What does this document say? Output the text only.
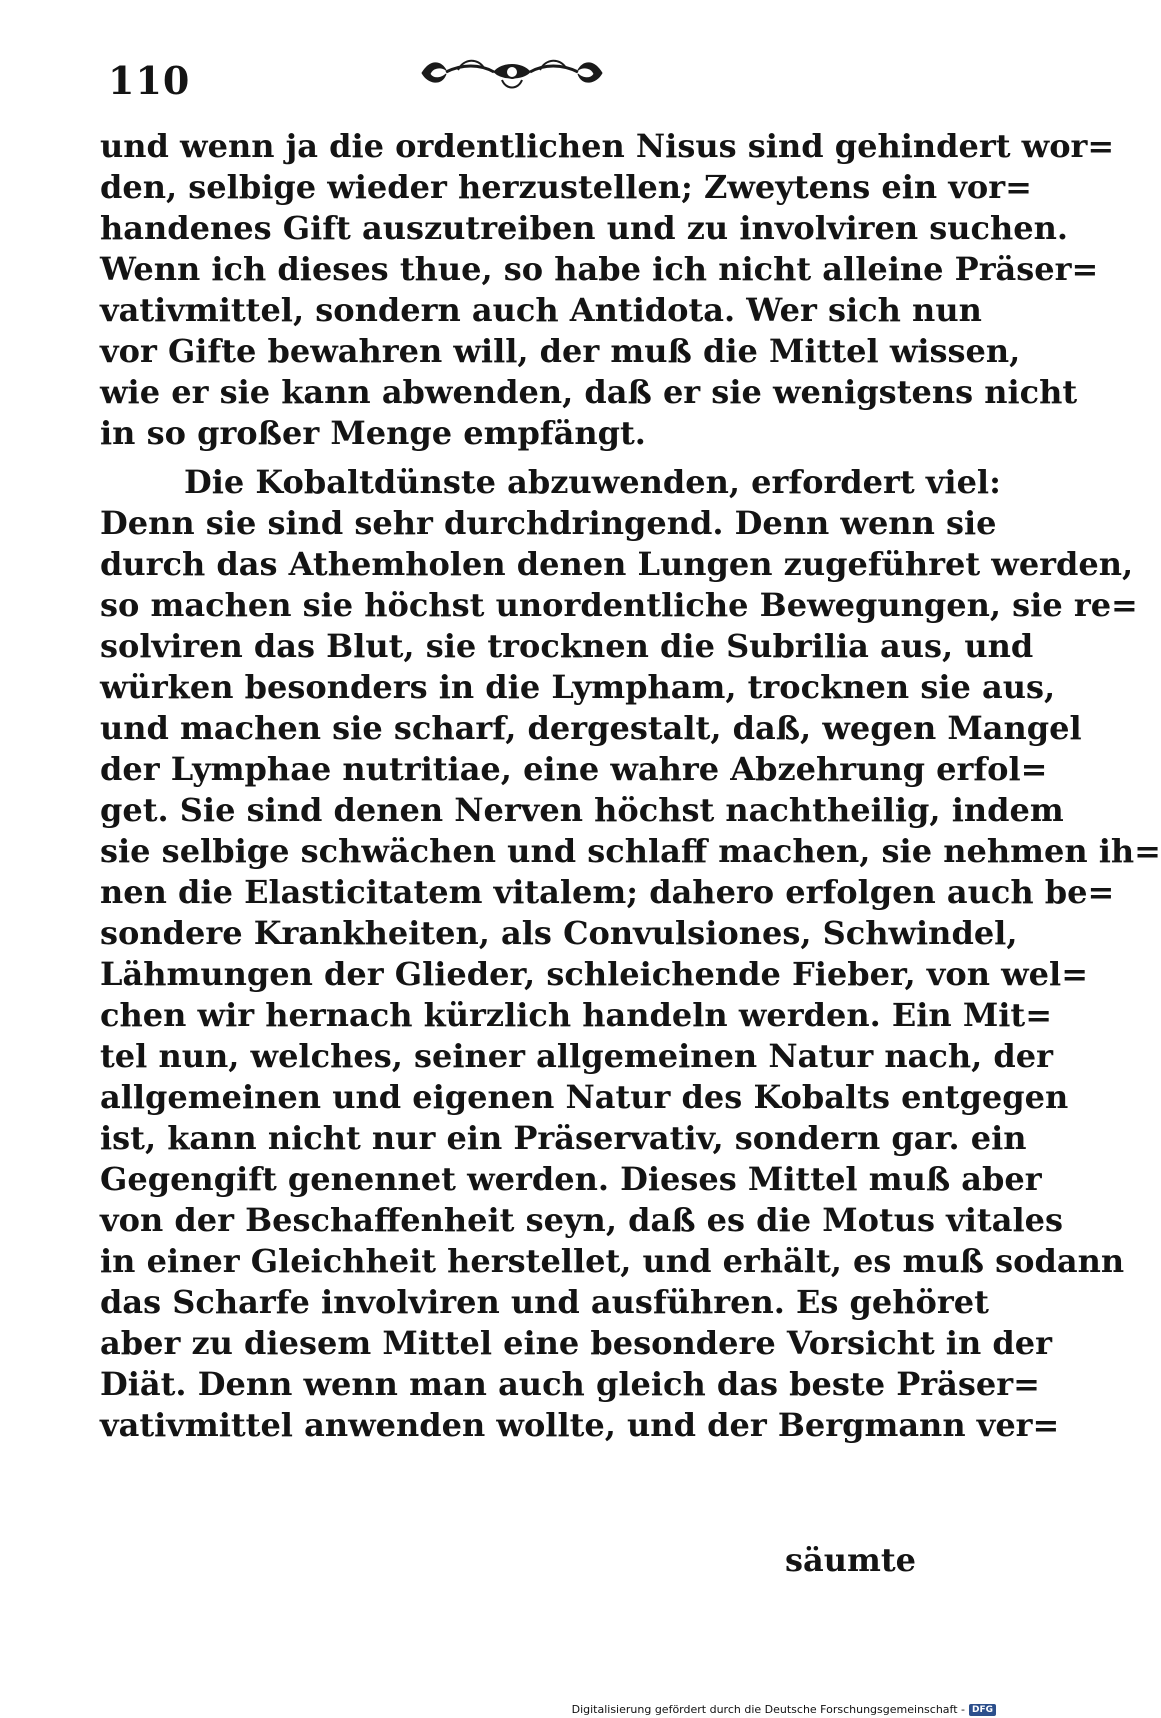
110
und wenn ja die ordentlichen Nisus sind gehindert wor=
den, selbige wieder herzustellen; Zweytens ein vor=
handenes Gift auszutreiben und zu involviren suchen.
Wenn ich dieses thue, so habe ich nicht alleine Präser=
vativmittel, sondern auch Antidota. Wer sich nun
vor Gifte bewahren will, der muß die Mittel wissen,
wie er sie kann abwenden, daß er sie wenigstens nicht
in so großer Menge empfängt.
Die Kobaltdünste abzuwenden, erfordert viel:
Denn sie sind sehr durchdringend. Denn wenn sie
durch das Athemholen denen Lungen zugeführet werden,
so machen sie höchst unordentliche Bewegungen, sie re=
solviren das Blut, sie trocknen die Subrilia aus, und
würken besonders in die Lympham, trocknen sie aus,
und machen sie scharf, dergestalt, daß, wegen Mangel
der Lymphae nutritiae, eine wahre Abzehrung erfol=
get. Sie sind denen Nerven höchst nachtheilig, indem
sie selbige schwächen und schlaff machen, sie nehmen ih=
nen die Elasticitatem vitalem; dahero erfolgen auch be=
sondere Krankheiten, als Convulsiones, Schwindel,
Lähmungen der Glieder, schleichende Fieber, von wel=
chen wir hernach kürzlich handeln werden. Ein Mit=
tel nun, welches, seiner allgemeinen Natur nach, der
allgemeinen und eigenen Natur des Kobalts entgegen
ist, kann nicht nur ein Präservativ, sondern gar. ein
Gegengift genennet werden. Dieses Mittel muß aber
von der Beschaffenheit seyn, daß es die Motus vitales
in einer Gleichheit herstellet, und erhält, es muß sodann
das Scharfe involviren und ausführen. Es gehöret
aber zu diesem Mittel eine besondere Vorsicht in der
Diät. Denn wenn man auch gleich das beste Präser=
vativmittel anwenden wollte, und der Bergmann ver=
säumte
Digitalisierung gefördert durch die Deutsche Forschungsgemeinschaft - DFG
